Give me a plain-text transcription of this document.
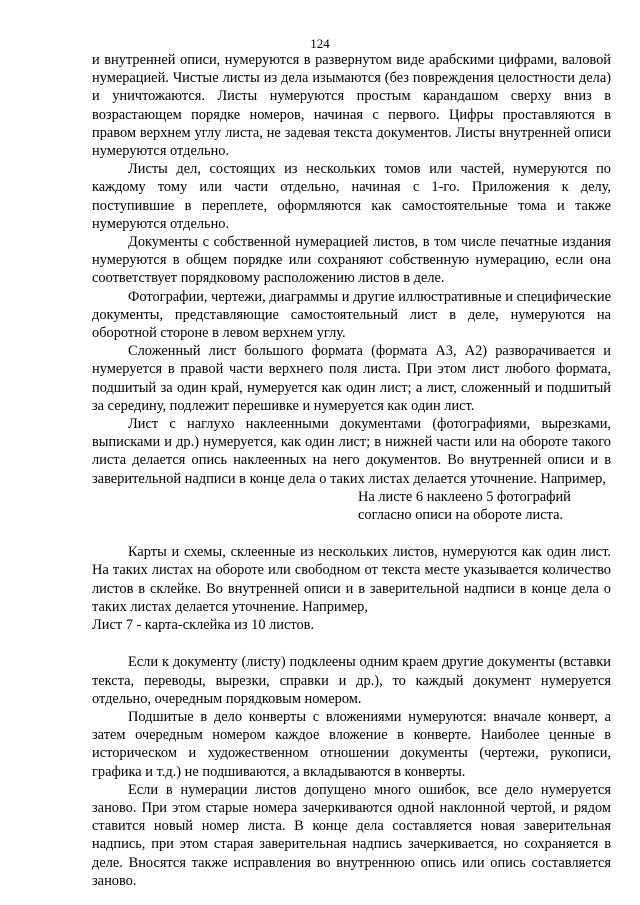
124

и внутренней описи, нумеруются в развернутом виде арабскими цифрами, валовой нумерацией. Чистые листы из дела изымаются (без повреждения целостности дела) и уничтожаются. Листы нумеруются простым карандашом сверху вниз в возрастающем порядке номеров, начиная с первого. Цифры проставляются в правом верхнем углу листа, не задевая текста документов. Листы внутренней описи нумеруются отдельно.

Листы дел, состоящих из нескольких томов или частей, нумеруются по каждому тому или части отдельно, начиная с 1-го. Приложения к делу, поступившие в переплете, оформляются как самостоятельные тома и также нумеруются отдельно.

Документы с собственной нумерацией листов, в том числе печатные издания нумеруются в общем порядке или сохраняют собственную нумерацию, если она соответствует порядковому расположению листов в деле.

Фотографии, чертежи, диаграммы и другие иллюстративные и специфические документы, представляющие самостоятельный лист в деле, нумеруются на оборотной стороне в левом верхнем углу.

Сложенный лист большого формата (формата А3, А2) разворачивается и нумеруется в правой части верхнего поля листа. При этом лист любого формата, подшитый за один край, нумеруется как один лист; а лист, сложенный и подшитый за середину, подлежит перешивке и нумеруется как один лист.

Лист с наглухо наклеенными документами (фотографиями, вырезками, выписками и др.) нумеруется, как один лист; в нижней части или на обороте такого листа делается опись наклеенных на него документов. Во внутренней описи и в заверительной надписи в конце дела о таких листах делается уточнение. Например,

На листе 6 наклеено 5 фотографий
согласно описи на обороте листа.

Карты и схемы, склеенные из нескольких листов, нумеруются как один лист. На таких листах на обороте или свободном от текста месте указывается количество листов в склейке. Во внутренней описи и в заверительной надписи в конце дела о таких листах делается уточнение. Например,

Лист 7 - карта-склейка из 10 листов.

Если к документу (листу) подклеены одним краем другие документы (вставки текста, переводы, вырезки, справки и др.), то каждый документ нумеруется отдельно, очередным порядковым номером.

Подшитые в дело конверты с вложениями нумеруются: вначале конверт, а затем очередным номером каждое вложение в конверте. Наиболее ценные в историческом и художественном отношении документы (чертежи, рукописи, графика и т.д.) не подшиваются, а вкладываются в конверты.

Если в нумерации листов допущено много ошибок, все дело нумеруется заново. При этом старые номера зачеркиваются одной наклонной чертой, и рядом ставится новый номер листа. В конце дела составляется новая заверительная надпись, при этом старая заверительная надпись зачеркивается, но сохраняется в деле. Вносятся также исправления во внутреннюю опись или опись составляется заново.
